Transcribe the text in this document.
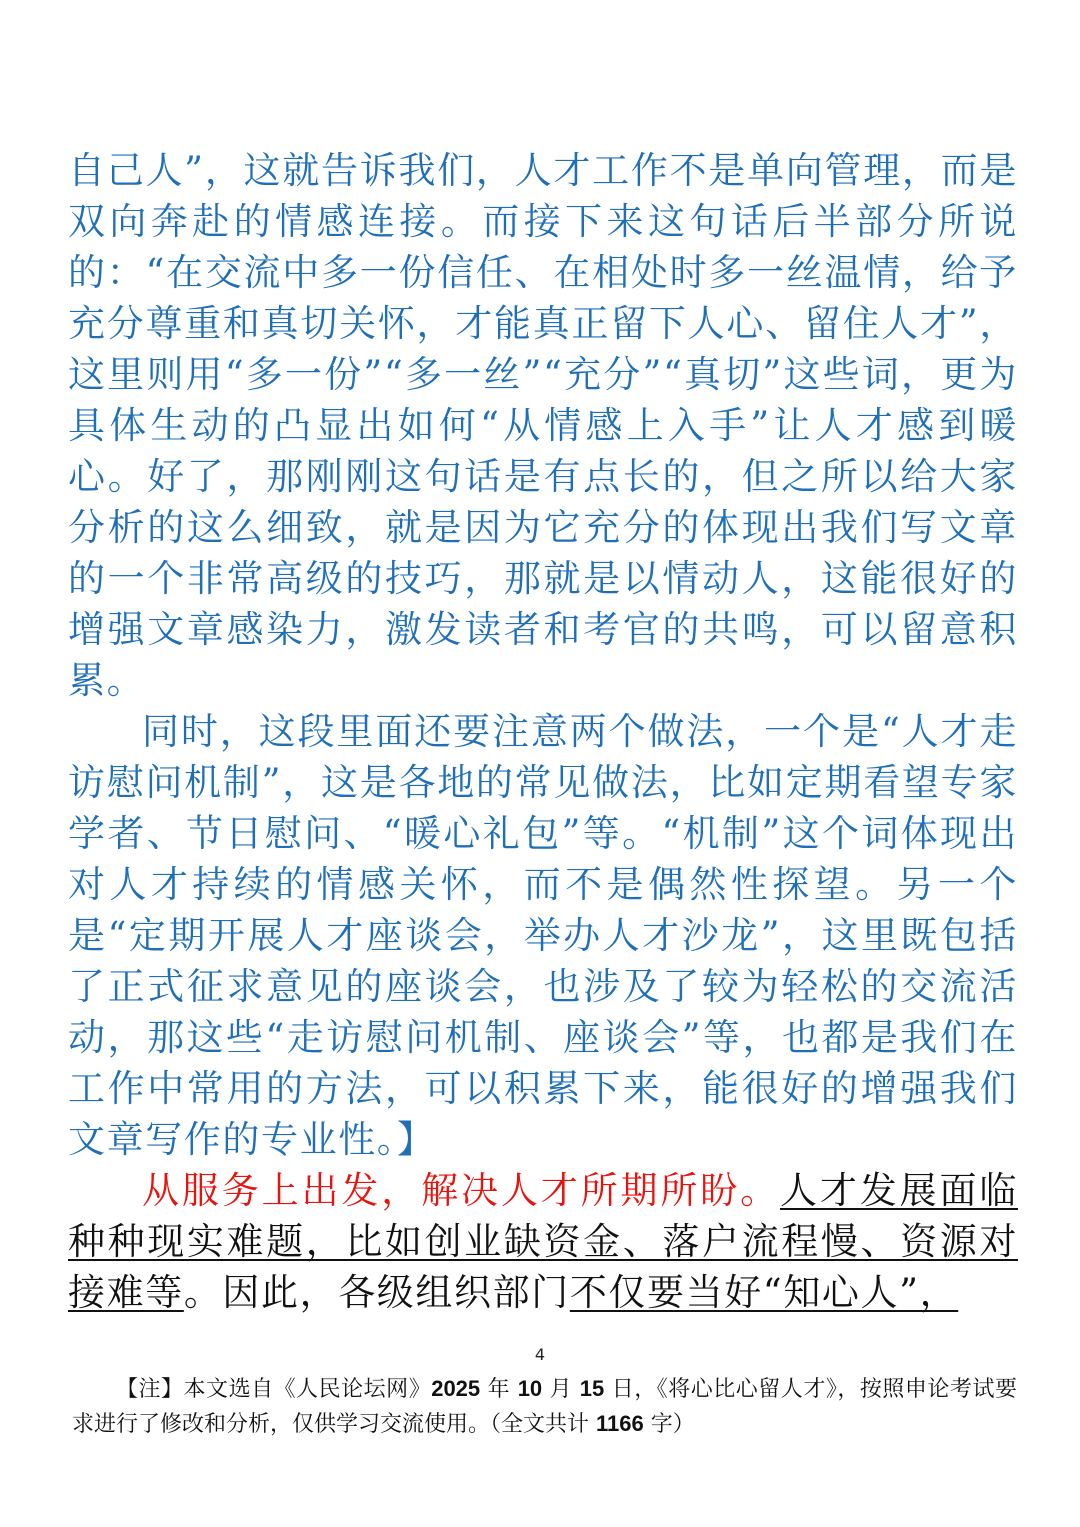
自己人”，这就告诉我们，人才工作不是单向管理，而是双向奔赴的情感连接。而接下来这句话后半部分所说的：“在交流中多一份信任、在相处时多一丝温情，给予充分尊重和真切关怀，才能真正留下人心、留住人才”，这里则用“多一份”“多一丝”“充分”“真切”这些词，更为具体生动的凸显出如何“从情感上入手”让人才感到暖心。好了，那刚刚这句话是有点长的，但之所以给大家分析的这么细致，就是因为它充分的体现出我们写文章的一个非常高级的技巧，那就是以情动人，这能很好的增强文章感染力，激发读者和考官的共鸣，可以留意积累。

同时，这段里面还要注意两个做法，一个是“人才走访慰问机制”，这是各地的常见做法，比如定期看望专家学者、节日慰问、“暖心礼包”等。“机制”这个词体现出对人才持续的情感关怀，而不是偶然性探望。另一个是“定期开展人才座谈会，举办人才沙龙”，这里既包括了正式征求意见的座谈会，也涉及了较为轻松的交流活动，那这些“走访慰问机制、座谈会”等，也都是我们在工作中常用的方法，可以积累下来，能很好的增强我们文章写作的专业性。】

从服务上出发，解决人才所期所盼。人才发展面临种种现实难题，比如创业缺资金、落户流程慢、资源对接难等。因此，各级组织部门不仅要当好“知心人”，

4
【注】本文选自《人民论坛网》2025 年 10 月 15 日，《将心比心留人才》，按照申论考试要求进行了修改和分析，仅供学习交流使用。（全文共计 1166 字）
